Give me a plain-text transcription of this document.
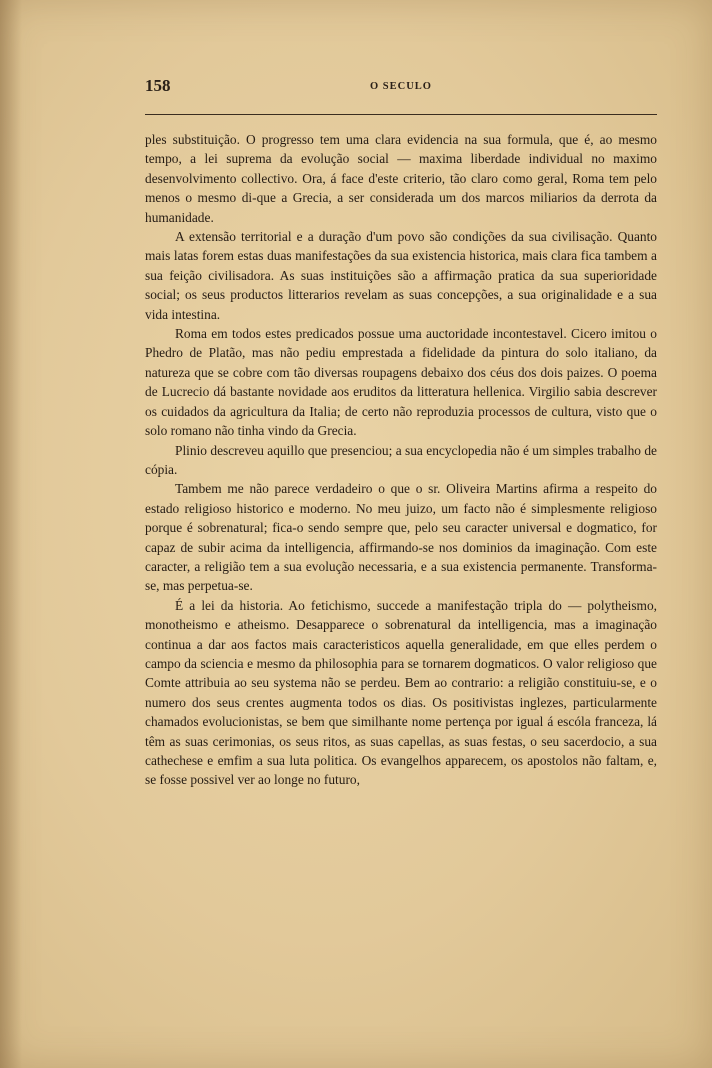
158	O SECULO

ples substituição. O progresso tem uma clara evidencia na sua formula, que é, ao mesmo tempo, a lei suprema da evolução social — maxima liberdade individual no maximo desenvolvimento collectivo. Ora, á face d'este criterio, tão claro como geral, Roma tem pelo menos o mesmo di-que a Grecia, a ser considerada um dos marcos miliarios da derrota da humanidade.

A extensão territorial e a duração d'um povo são condições da sua civilisação. Quanto mais latas forem estas duas manifestações da sua existencia historica, mais clara fica tambem a sua feição civilisadora. As suas instituições são a affirmação pratica da sua superioridade social; os seus productos litterarios revelam as suas concepções, a sua originalidade e a sua vida intestina.

Roma em todos estes predicados possue uma auctoridade incontestavel. Cicero imitou o Phedro de Platão, mas não pediu emprestada a fidelidade da pintura do solo italiano, da natureza que se cobre com tão diversas roupagens debaixo dos céus dos dois paizes. O poema de Lucrecio dá bastante novidade aos eruditos da litteratura hellenica. Virgilio sabia descrever os cuidados da agricultura da Italia; de certo não reproduzia processos de cultura, visto que o solo romano não tinha vindo da Grecia.

Plinio descreveu aquillo que presenciou; a sua encyclopedia não é um simples trabalho de cópia.

Tambem me não parece verdadeiro o que o sr. Oliveira Martins afirma a respeito do estado religioso historico e moderno. No meu juizo, um facto não é simplesmente religioso porque é sobrenatural; fica-o sendo sempre que, pelo seu caracter universal e dogmatico, for capaz de subir acima da intelligencia, affirmando-se nos dominios da imaginação. Com este caracter, a religião tem a sua evolução necessaria, e a sua existencia permanente. Transforma-se, mas perpetua-se.

É a lei da historia. Ao fetichismo, succede a manifestação tripla do — polytheismo, monotheismo e atheismo. Desapparece o sobrenatural da intelligencia, mas a imaginação continua a dar aos factos mais caracteristicos aquella generalidade, em que elles perdem o campo da sciencia e mesmo da philosophia para se tornarem dogmaticos. O valor religioso que Comte attribuia ao seu systema não se perdeu. Bem ao contrario: a religião constituiu-se, e o numero dos seus crentes augmenta todos os dias. Os positivistas inglezes, particularmente chamados evolucionistas, se bem que similhante nome pertença por igual á escóla franceza, lá têm as suas cerimonias, os seus ritos, as suas capellas, as suas festas, o seu sacerdocio, a sua cathechese e emfim a sua luta politica. Os evangelhos apparecem, os apostolos não faltam, e, se fosse possivel ver ao longe no futuro,
